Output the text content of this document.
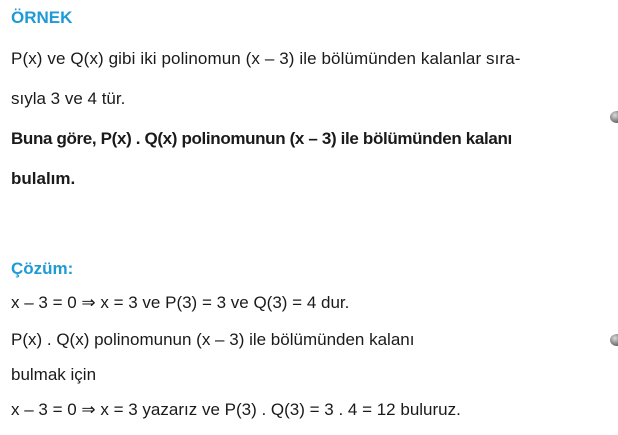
ÖRNEK
P(x) ve Q(x) gibi iki polinomun (x – 3) ile bölümünden kalanlar sıra-
sıyla 3 ve 4 tür.
Buna göre, P(x) . Q(x) polinomunun (x – 3) ile bölümünden kalanı
bulalım.
Çözüm:
x – 3 = 0 ⇒ x = 3 ve P(3) = 3 ve Q(3) = 4 dur.
P(x) . Q(x) polinomunun (x – 3) ile bölümünden kalanı
bulmak için
x – 3 = 0 ⇒ x = 3 yazarız ve P(3) . Q(3) = 3 . 4 = 12 buluruz.
